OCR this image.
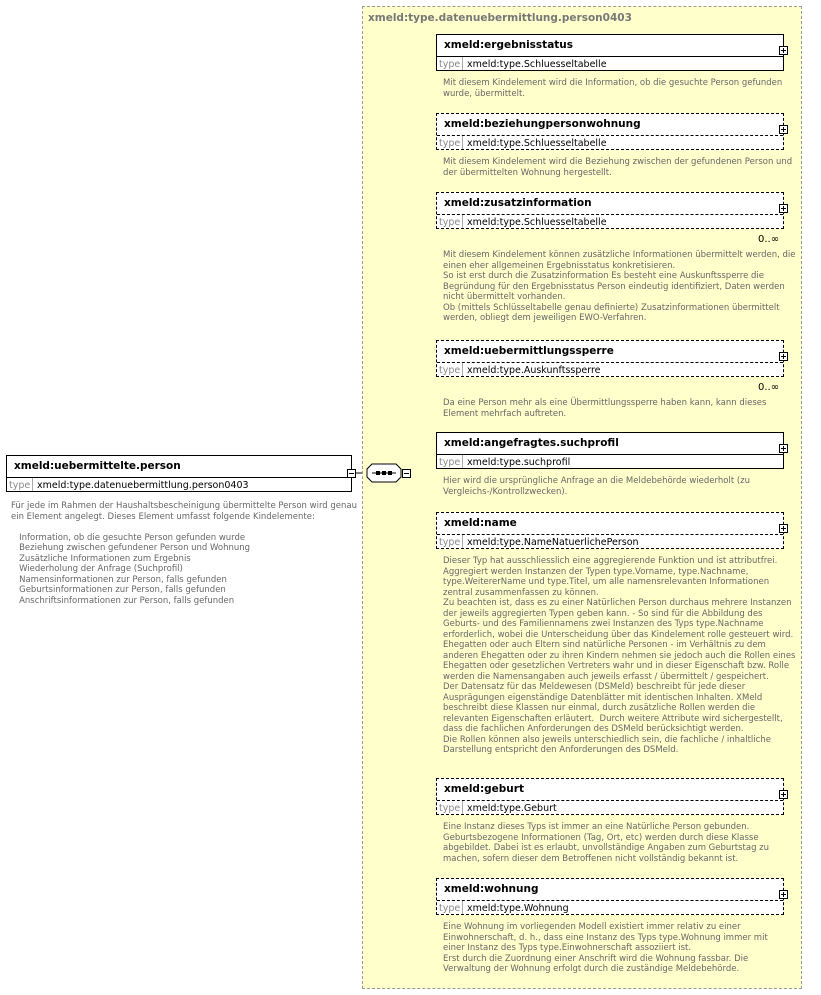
xmeld:type.datenuebermittlung.person0403
xmeld:uebermittelte.person
type xmeld:type.datenuebermittlung.person0403
Für jede im Rahmen der Haushaltsbescheinigung übermittelte Person wird genau
ein Element angelegt. Dieses Element umfasst folgende Kindelemente:

Information, ob die gesuchte Person gefunden wurde
Beziehung zwischen gefundener Person und Wohnung
Zusätzliche Informationen zum Ergebnis
Wiederholung der Anfrage (Suchprofil)
Namensinformationen zur Person, falls gefunden
Geburtsinformationen zur Person, falls gefunden
Anschriftsinformationen zur Person, falls gefunden
xmeld:ergebnisstatus
type xmeld:type.Schluesseltabelle
Mit diesem Kindelement wird die Information, ob die gesuchte Person gefunden
wurde, übermittelt.
xmeld:beziehungpersonwohnung
type xmeld:type.Schluesseltabelle
Mit diesem Kindelement wird die Beziehung zwischen der gefundenen Person und
der übermittelten Wohnung hergestellt.
xmeld:zusatzinformation
type xmeld:type.Schluesseltabelle
0..∞
Mit diesem Kindelement können zusätzliche Informationen übermittelt werden, die
einen eher allgemeinen Ergebnisstatus konkretisieren.
So ist erst durch die Zusatzinformation Es besteht eine Auskunftssperre die
Begründung für den Ergebnisstatus Person eindeutig identifiziert, Daten werden
nicht übermittelt vorhanden.
Ob (mittels Schlüsseltabelle genau definierte) Zusatzinformationen übermittelt
werden, obliegt dem jeweiligen EWO-Verfahren.
xmeld:uebermittlungssperre
type xmeld:type.Auskunftssperre
0..∞
Da eine Person mehr als eine Übermittlungssperre haben kann, kann dieses
Element mehrfach auftreten.
xmeld:angefragtes.suchprofil
type xmeld:type.suchprofil
Hier wird die ursprüngliche Anfrage an die Meldebehörde wiederholt (zu
Vergleichs-/Kontrollzwecken).
xmeld:name
type xmeld:type.NameNatuerlichePerson
Dieser Typ hat ausschliesslich eine aggregierende Funktion und ist attributfrei.
Aggregiert werden Instanzen der Typen type.Vorname, type.Nachname,
type.WeitererName und type.Titel, um alle namensrelevanten Informationen
zentral zusammenfassen zu können.
Zu beachten ist, dass es zu einer Natürlichen Person durchaus mehrere Instanzen
der jeweils aggregierten Typen geben kann. - So sind für die Abbildung des
Geburts- und des Familiennamens zwei Instanzen des Typs type.Nachname
erforderlich, wobei die Unterscheidung über das Kindelement rolle gesteuert wird.
Ehegatten oder auch Eltern sind natürliche Personen - im Verhältnis zu dem
anderen Ehegatten oder zu ihren Kindern nehmen sie jedoch auch die Rollen eines
Ehegatten oder gesetzlichen Vertreters wahr und in dieser Eigenschaft bzw. Rolle
werden die Namensangaben auch jeweils erfasst / übermittelt / gespeichert.
Der Datensatz für das Meldewesen (DSMeld) beschreibt für jede dieser
Ausprägungen eigenständige Datenblätter mit identischen Inhalten. XMeld
beschreibt diese Klassen nur einmal, durch zusätzliche Rollen werden die
relevanten Eigenschaften erläutert.  Durch weitere Attribute wird sichergestellt,
dass die fachlichen Anforderungen des DSMeld berücksichtigt werden.
Die Rollen können also jeweils unterschiedlich sein, die fachliche / inhaltliche
Darstellung entspricht den Anforderungen des DSMeld.
xmeld:geburt
type xmeld:type.Geburt
Eine Instanz dieses Typs ist immer an eine Natürliche Person gebunden.
Geburtsbezogene Informationen (Tag, Ort, etc) werden durch diese Klasse
abgebildet. Dabei ist es erlaubt, unvollständige Angaben zum Geburtstag zu
machen, sofern dieser dem Betroffenen nicht vollständig bekannt ist.
xmeld:wohnung
type xmeld:type.Wohnung
Eine Wohnung im vorliegenden Modell existiert immer relativ zu einer
Einwohnerschaft, d. h., dass eine Instanz des Typs type.Wohnung immer mit
einer Instanz des Typs type.Einwohnerschaft assoziiert ist.
Erst durch die Zuordnung einer Anschrift wird die Wohnung fassbar. Die
Verwaltung der Wohnung erfolgt durch die zuständige Meldebehörde.
